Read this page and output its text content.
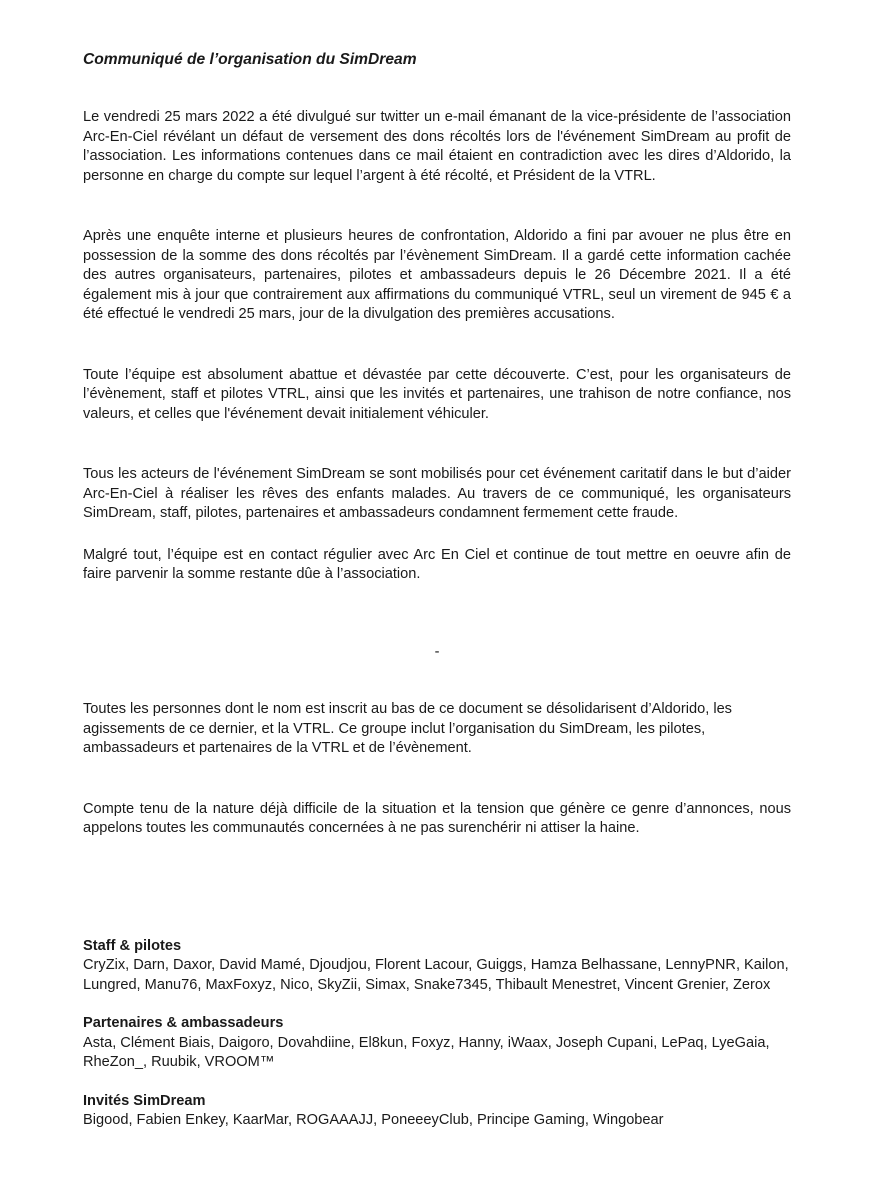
Communiqué de l’organisation du SimDream

Le vendredi 25 mars 2022 a été divulgué sur twitter un e-mail émanant de la vice-présidente de l’association Arc-En-Ciel révélant un défaut de versement des dons récoltés lors de l'événement SimDream au profit de l’association. Les informations contenues dans ce mail étaient en contradiction avec les dires d’Aldorido, la personne en charge du compte sur lequel l’argent à été récolté, et Président de la VTRL.

Après une enquête interne et plusieurs heures de confrontation, Aldorido a fini par avouer ne plus être en possession de la somme des dons récoltés par l’évènement SimDream. Il a gardé cette information cachée des autres organisateurs, partenaires, pilotes et ambassadeurs depuis le 26 Décembre 2021. Il a été également mis à jour que contrairement aux affirmations du communiqué VTRL, seul un virement de 945 € a été effectué le vendredi 25 mars, jour de la divulgation des premières accusations.

Toute l’équipe est absolument abattue et dévastée par cette découverte. C’est, pour les organisateurs de l’évènement, staff et pilotes VTRL, ainsi que les invités et partenaires, une trahison de notre confiance, nos valeurs, et celles que l'événement devait initialement véhiculer.

Tous les acteurs de l'événement SimDream se sont mobilisés pour cet événement caritatif dans le but d’aider Arc-En-Ciel à réaliser les rêves des enfants malades. Au travers de ce communiqué, les organisateurs SimDream, staff, pilotes, partenaires et ambassadeurs condamnent fermement cette fraude.

Malgré tout, l’équipe est en contact régulier avec Arc En Ciel et continue de tout mettre en oeuvre afin de faire parvenir la somme restante dûe à l’association.

-

Toutes les personnes dont le nom est inscrit au bas de ce document se désolidarisent d’Aldorido, les agissements de ce dernier, et la VTRL. Ce groupe inclut l’organisation du SimDream, les pilotes, ambassadeurs et partenaires de la VTRL et de l’évènement.

Compte tenu de la nature déjà difficile de la situation et la tension que génère ce genre d’annonces, nous appelons toutes les communautés concernées à ne pas surenchérir ni attiser la haine.

Staff & pilotes
CryZix, Darn, Daxor, David Mamé, Djoudjou, Florent Lacour, Guiggs, Hamza Belhassane, LennyPNR, Kailon, Lungred, Manu76, MaxFoxyz, Nico, SkyZii, Simax, Snake7345, Thibault Menestret, Vincent Grenier, Zerox
Partenaires & ambassadeurs
Asta, Clément Biais, Daigoro, Dovahdiine, El8kun, Foxyz, Hanny, iWaax, Joseph Cupani, LePaq, LyeGaia, RheZon_, Ruubik, VROOM™
Invités SimDream
Bigood, Fabien Enkey, KaarMar, ROGAAAJJ, PoneeeyClub, Principe Gaming, Wingobear
